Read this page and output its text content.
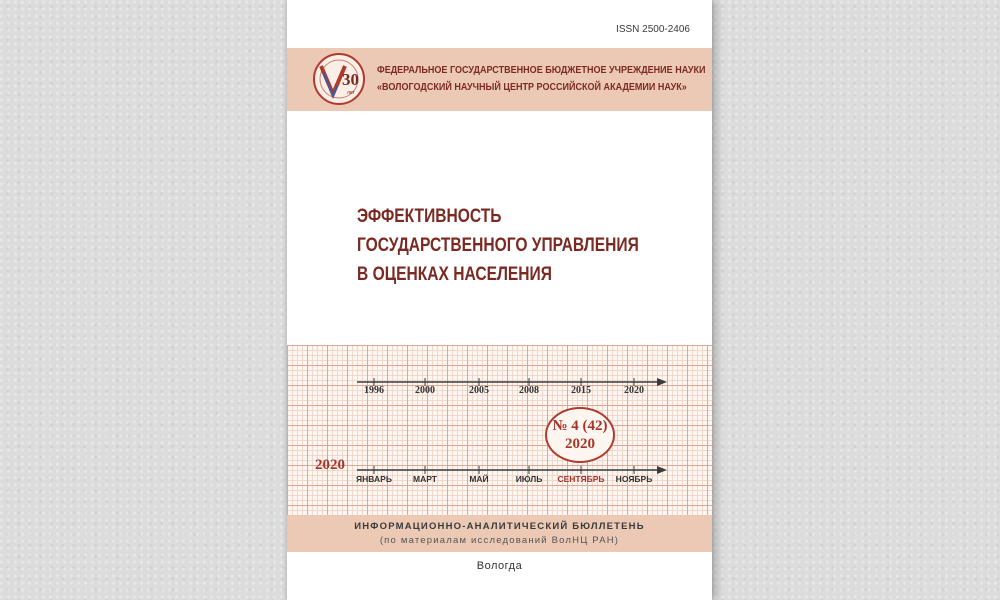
ISSN 2500-2406
30
лет
ФЕДЕРАЛЬНОЕ ГОСУДАРСТВЕННОЕ БЮДЖЕТНОЕ УЧРЕЖДЕНИЕ НАУКИ
«ВОЛОГОДСКИЙ НАУЧНЫЙ ЦЕНТР РОССИЙСКОЙ АКАДЕМИИ НАУК»
ЭФФЕКТИВНОСТЬ
ГОСУДАРСТВЕННОГО УПРАВЛЕНИЯ
В ОЦЕНКАХ НАСЕЛЕНИЯ
1996	2000	2005	2008	2015	2020
№ 4 (42)
2020
2020
ЯНВАРЬ МАРТ	МАЙ	ИЮЛЬ СЕНТЯБРЬ НОЯБРЬ
ИНФОРМАЦИОННО-АНАЛИТИЧЕСКИЙ БЮЛЛЕТЕНЬ
(по материалам исследований ВолНЦ РАН)
Вологда
